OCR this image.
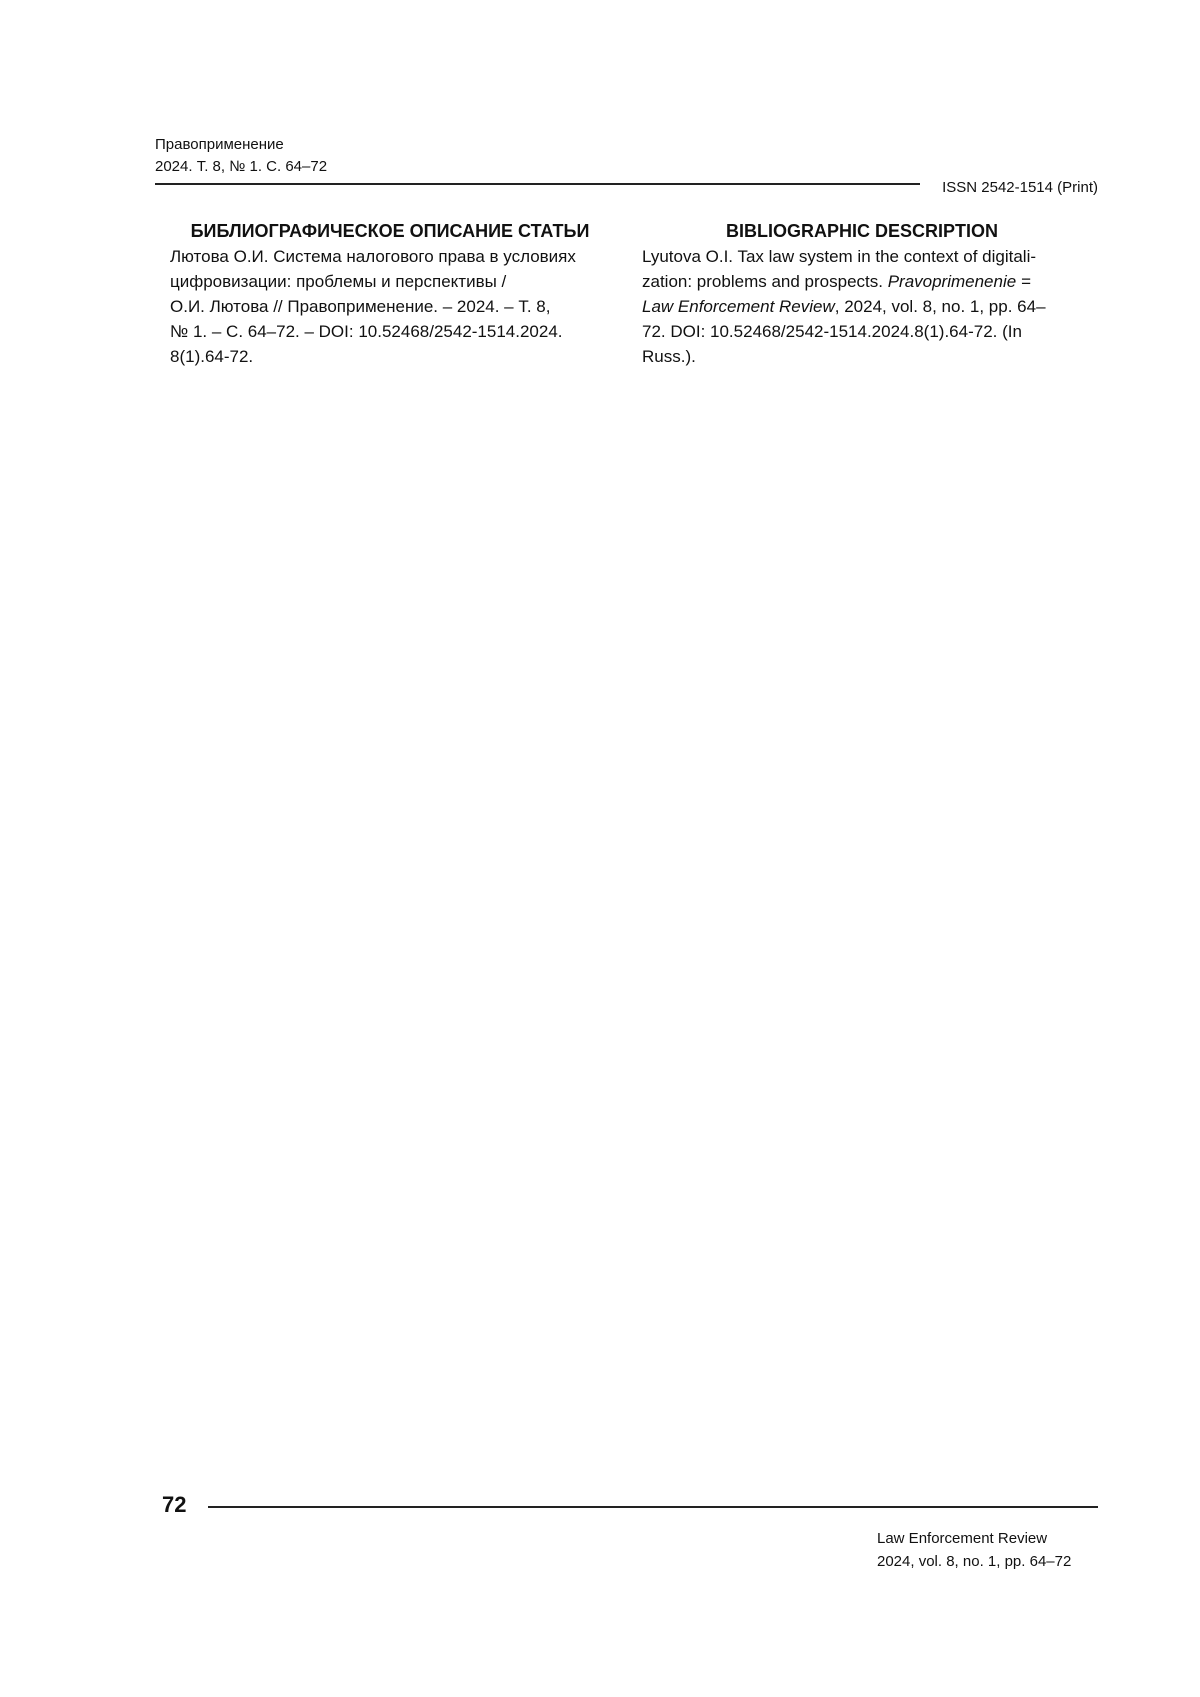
Правоприменение
2024. Т. 8, № 1. С. 64–72
ISSN 2542-1514 (Print)
БИБЛИОГРАФИЧЕСКОЕ ОПИСАНИЕ СТАТЬИ
Лютова О.И. Система налогового права в условиях
цифровизации: проблемы и перспективы /
О.И. Лютова // Правоприменение. – 2024. – Т. 8,
№ 1. – С. 64–72. – DOI: 10.52468/2542-1514.2024.
8(1).64-72.
BIBLIOGRAPHIC DESCRIPTION
Lyutova O.I. Tax law system in the context of digitali-
zation: problems and prospects. Pravoprimenenie =
Law Enforcement Review, 2024, vol. 8, no. 1, pp. 64–
72. DOI: 10.52468/2542-1514.2024.8(1).64-72. (In
Russ.).
72
Law Enforcement Review
2024, vol. 8, no. 1, pp. 64–72
